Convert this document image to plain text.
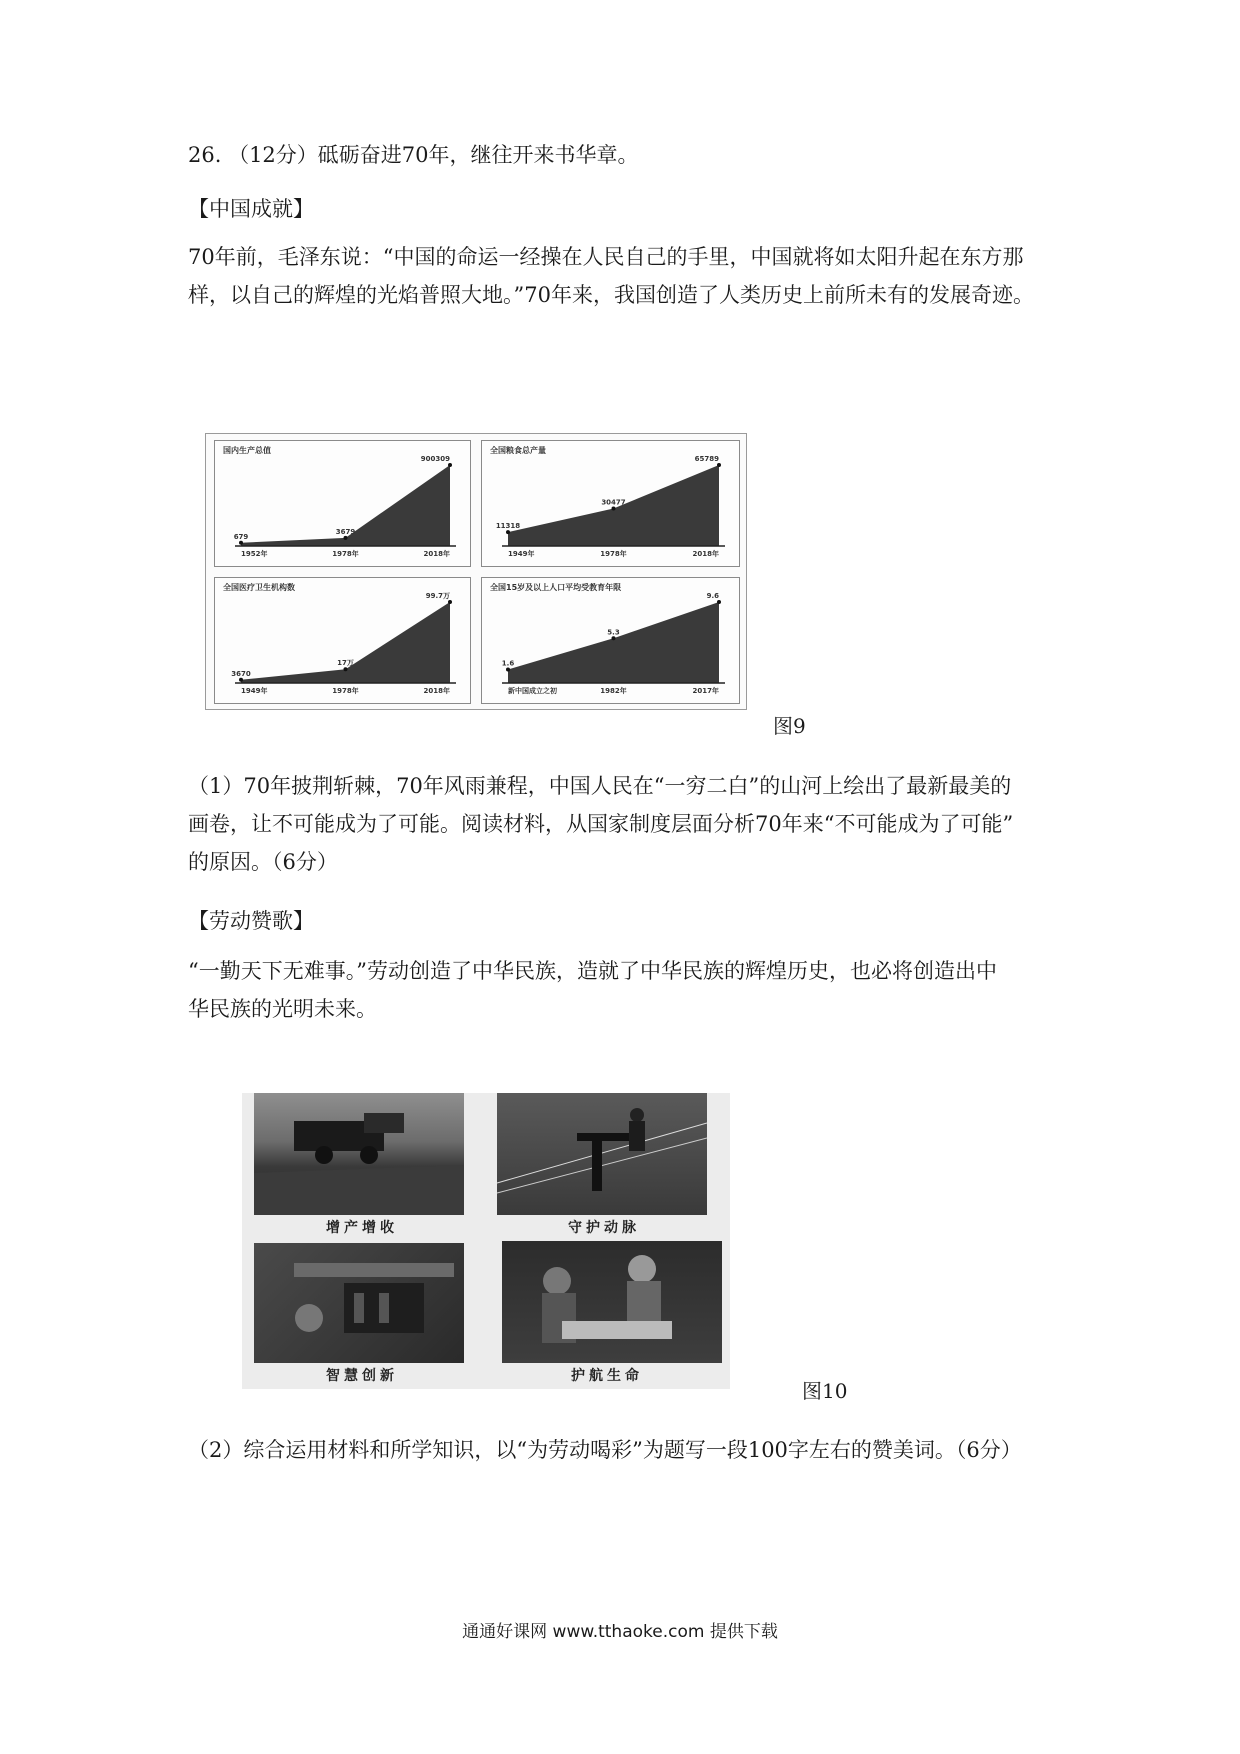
26. （12分）砥砺奋进70年，继往开来书华章。
【中国成就】
70年前，毛泽东说：“中国的命运一经操在人民自己的手里，中国就将如太阳升起在东方那
样，以自己的辉煌的光焰普照大地。”70年来，我国创造了人类历史上前所未有的发展奇迹。
国内生产总值
679
1952年
3679
1978年
900309
2018年
全国粮食总产量
11318
1949年
30477
1978年
65789
2018年
全国医疗卫生机构数
3670
1949年
17万
1978年
99.7万
2018年
全国15岁及以上人口平均受教育年限
1.6
新中国成立之初
5.3
1982年
9.6
2017年
图9
（1）70年披荆斩棘，70年风雨兼程，中国人民在“一穷二白”的山河上绘出了最新最美的
画卷，让不可能成为了可能。阅读材料，从国家制度层面分析70年来“不可能成为了可能”
的原因。（6分）
【劳动赞歌】
“一勤天下无难事。”劳动创造了中华民族，造就了中华民族的辉煌历史，也必将创造出中
华民族的光明未来。
增产增收	守护动脉
智慧创新	护航生命
图10
（2）综合运用材料和所学知识，以“为劳动喝彩”为题写一段100字左右的赞美词。（6分）
通通好课网 www.tthaoke.com 提供下载
